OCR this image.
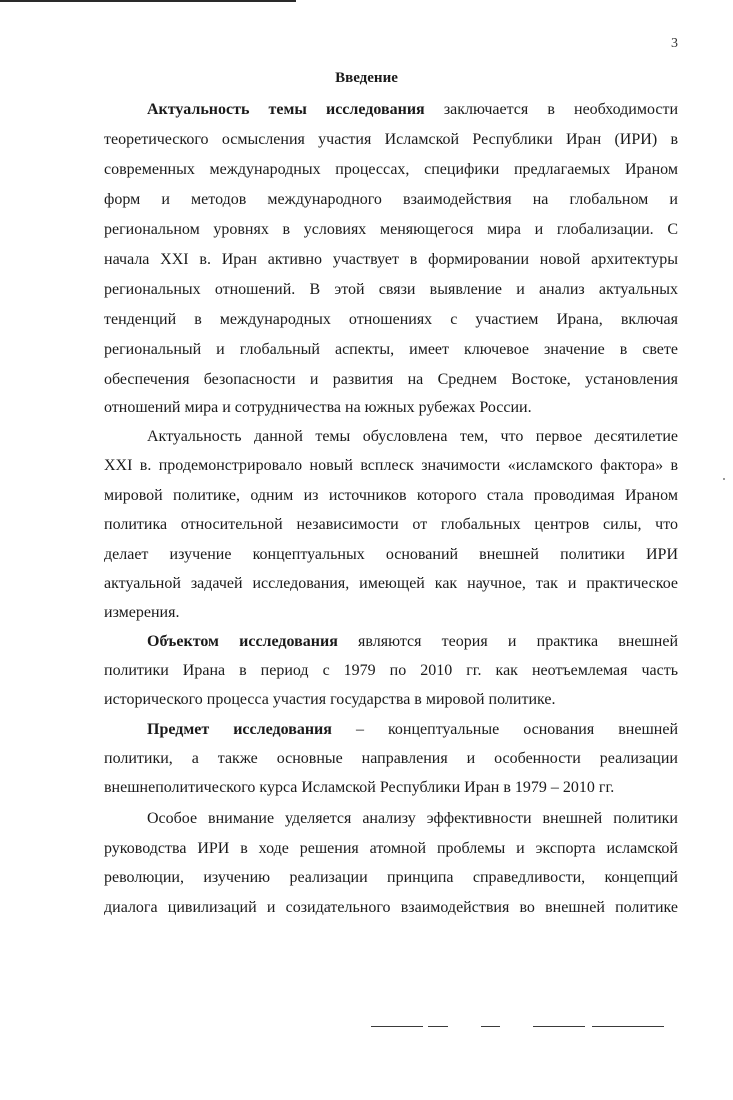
3
Введение
Актуальность темы исследования заключается в необходимости
теоретического осмысления участия Исламской Республики Иран (ИРИ) в
современных международных процессах, специфики предлагаемых Ираном
форм и методов международного взаимодействия на глобальном и
региональном уровнях в условиях меняющегося мира и глобализации. С
начала XXI в. Иран активно участвует в формировании новой архитектуры
региональных отношений. В этой связи выявление и анализ актуальных
тенденций в международных отношениях с участием Ирана, включая
региональный и глобальный аспекты, имеет ключевое значение в свете
обеспечения безопасности и развития на Среднем Востоке, установления
отношений мира и сотрудничества на южных рубежах России.
Актуальность данной темы обусловлена тем, что первое десятилетие
XXI в. продемонстрировало новый всплеск значимости «исламского фактора» в
мировой политике, одним из источников которого стала проводимая Ираном
политика относительной независимости от глобальных центров силы, что
делает изучение концептуальных оснований внешней политики ИРИ
актуальной задачей исследования, имеющей как научное, так и практическое
измерения.
Объектом исследования являются теория и практика внешней
политики Ирана в период с 1979 по 2010 гг. как неотъемлемая часть
исторического процесса участия государства в мировой политике.
Предмет исследования – концептуальные основания внешней
политики, а также основные направления и особенности реализации
внешнеполитического курса Исламской Республики Иран в 1979 – 2010 гг.
Особое внимание уделяется анализу эффективности внешней политики
руководства ИРИ в ходе решения атомной проблемы и экспорта исламской
революции, изучению реализации принципа справедливости, концепций
диалога цивилизаций и созидательного взаимодействия во внешней политике
